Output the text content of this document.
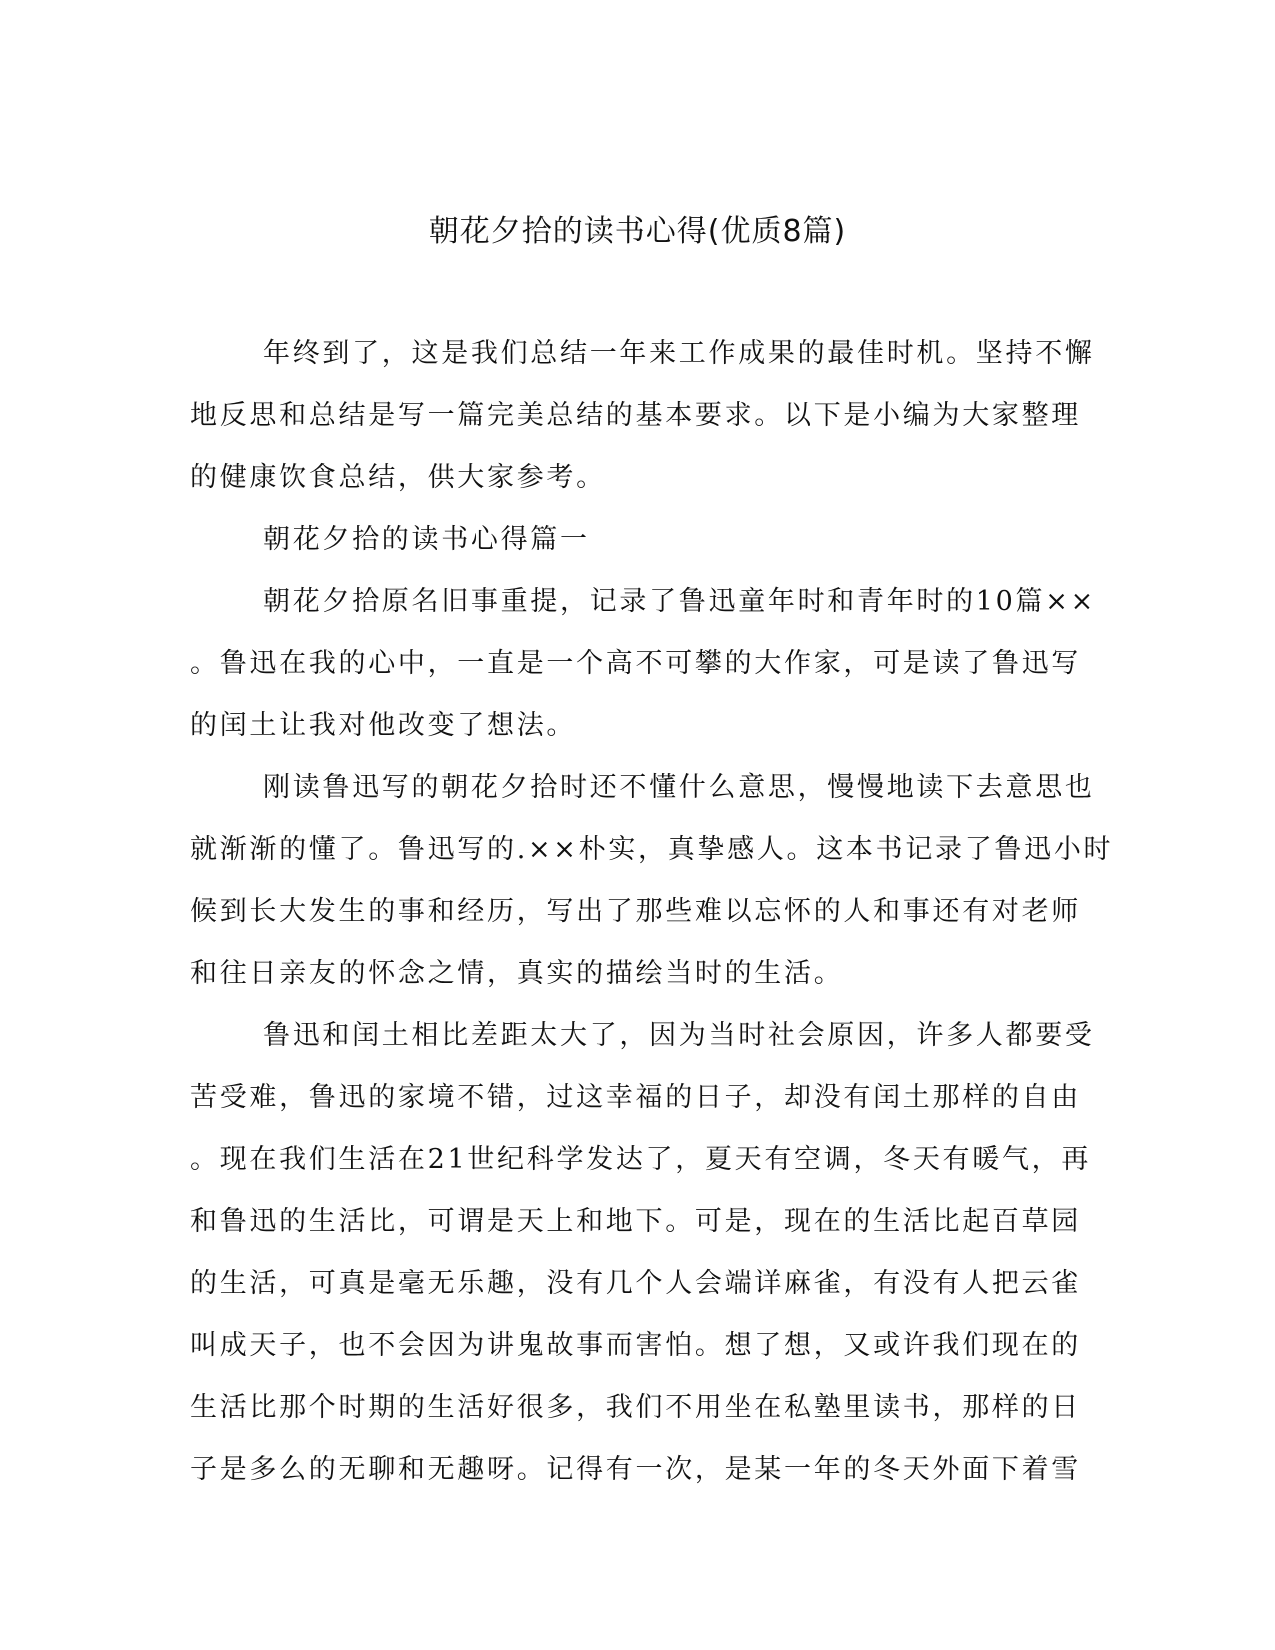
朝花夕拾的读书心得(优质8篇)
年终到了，这是我们总结一年来工作成果的最佳时机。坚持不懈
地反思和总结是写一篇完美总结的基本要求。以下是小编为大家整理
的健康饮食总结，供大家参考。
朝花夕拾的读书心得篇一
朝花夕拾原名旧事重提，记录了鲁迅童年时和青年时的10篇××
。鲁迅在我的心中，一直是一个高不可攀的大作家，可是读了鲁迅写
的闰土让我对他改变了想法。
刚读鲁迅写的朝花夕拾时还不懂什么意思，慢慢地读下去意思也
就渐渐的懂了。鲁迅写的.××朴实，真挚感人。这本书记录了鲁迅小时
候到长大发生的事和经历，写出了那些难以忘怀的人和事还有对老师
和往日亲友的怀念之情，真实的描绘当时的生活。
鲁迅和闰土相比差距太大了，因为当时社会原因，许多人都要受
苦受难，鲁迅的家境不错，过这幸福的日子，却没有闰土那样的自由
。现在我们生活在21世纪科学发达了，夏天有空调，冬天有暖气，再
和鲁迅的生活比，可谓是天上和地下。可是，现在的生活比起百草园
的生活，可真是毫无乐趣，没有几个人会端详麻雀，有没有人把云雀
叫成天子，也不会因为讲鬼故事而害怕。想了想，又或许我们现在的
生活比那个时期的生活好很多，我们不用坐在私塾里读书，那样的日
子是多么的无聊和无趣呀。记得有一次，是某一年的冬天外面下着雪
